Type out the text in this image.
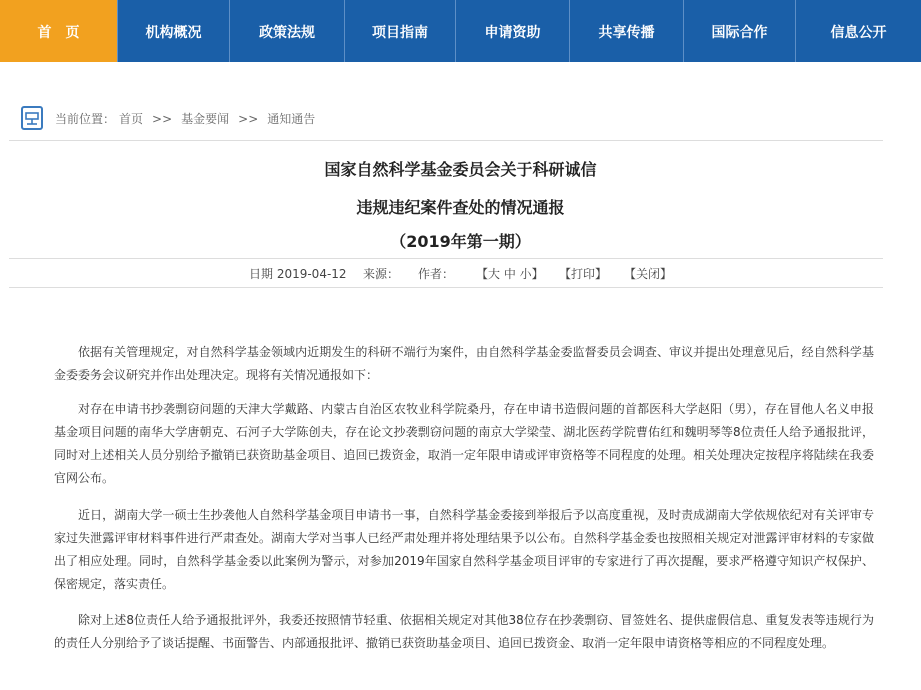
首　页	机构概况	政策法规	项目指南	申请资助	共享传播	国际合作	信息公开
当前位置： 首页 >> 基金要闻 >> 通知通告
国家自然科学基金委员会关于科研诚信
违规违纪案件查处的情况通报
（2019年第一期）
日期 2019-04-12 来源： 作者： 【大 中 小】 【打印】 【关闭】

依据有关管理规定，对自然科学基金领域内近期发生的科研不端行为案件，由自然科学基金委监督委员会调查、审议并提出处理意见后，经自然科学基金委委务会议研究并作出处理决定。现将有关情况通报如下：

对存在申请书抄袭剽窃问题的天津大学戴路、内蒙古自治区农牧业科学院桑丹，存在申请书造假问题的首都医科大学赵阳（男），存在冒他人名义申报基金项目问题的南华大学唐朝克、石河子大学陈创夫，存在论文抄袭剽窃问题的南京大学梁莹、湖北医药学院曹佑红和魏明琴等8位责任人给予通报批评，同时对上述相关人员分别给予撤销已获资助基金项目、追回已拨资金，取消一定年限申请或评审资格等不同程度的处理。相关处理决定按程序将陆续在我委官网公布。

近日，湖南大学一硕士生抄袭他人自然科学基金项目申请书一事，自然科学基金委接到举报后予以高度重视，及时责成湖南大学依规依纪对有关评审专家过失泄露评审材料事件进行严肃查处。湖南大学对当事人已经严肃处理并将处理结果予以公布。自然科学基金委也按照相关规定对泄露评审材料的专家做出了相应处理。同时，自然科学基金委以此案例为警示，对参加2019年国家自然科学基金项目评审的专家进行了再次提醒，要求严格遵守知识产权保护、保密规定，落实责任。

除对上述8位责任人给予通报批评外，我委还按照情节轻重、依据相关规定对其他38位存在抄袭剽窃、冒签姓名、提供虚假信息、重复发表等违规行为的责任人分别给予了谈话提醒、书面警告、内部通报批评、撤销已获资助基金项目、追回已拨资金、取消一定年限申请资格等相应的不同程度处理。
